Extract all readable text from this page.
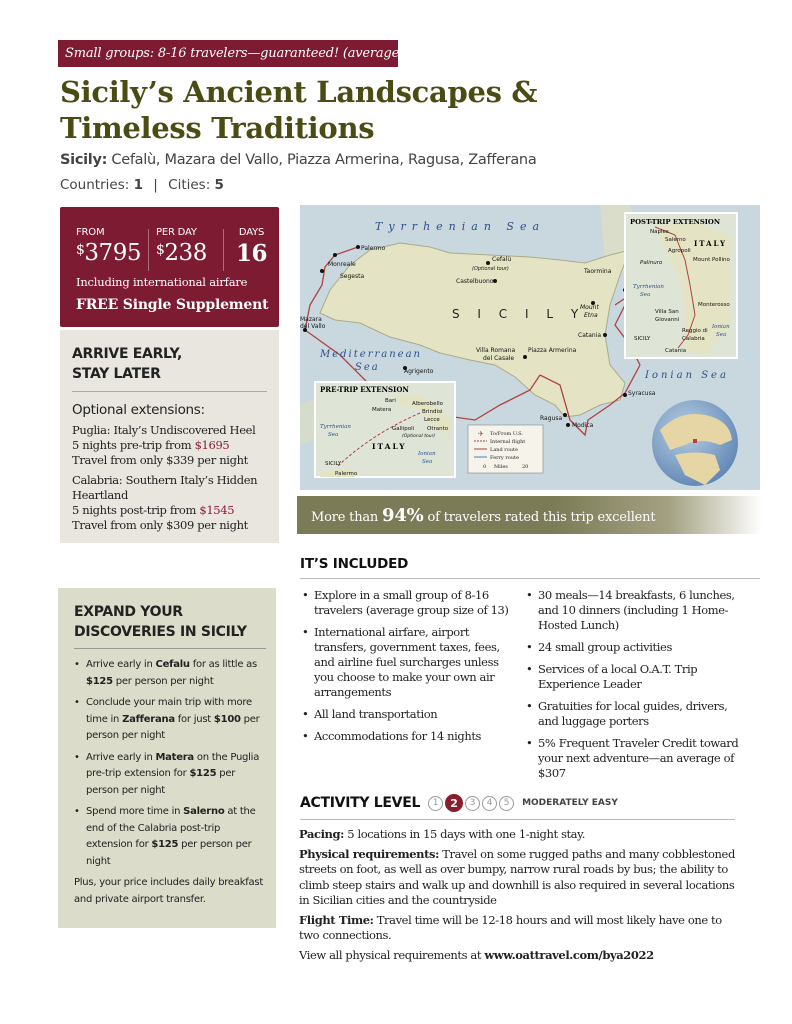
Small groups: 8-16 travelers—guaranteed! (average of 13)
Sicily’s Ancient Landscapes &
Timeless Traditions
Sicily: Cefalù, Mazara del Vallo, Piazza Armerina, Ragusa, Zafferana
Countries: 1 | Cities: 5
FROM
$3795
PER DAY
$238
DAYS
16
Including international airfare
FREE Single Supplement
ARRIVE EARLY,
STAY LATER
Optional extensions:
Puglia: Italy’s Undiscovered Heel
5 nights pre-trip from $1695
Travel from only $339 per night
Calabria: Southern Italy’s Hidden Heartland
5 nights post-trip from $1545
Travel from only $309 per night
EXPAND YOUR
DISCOVERIES IN SICILY
• Arrive early in Cefalu for as little as $125 per person per night
• Conclude your main trip with more time in Zafferana for just $100 per person per night
• Arrive early in Matera on the Puglia pre-trip extension for $125 per person per night
• Spend more time in Salerno at the end of the Calabria post-trip extension for $125 per person per night
Plus, your price includes daily breakfast and private airport transfer.
Tyrrhenian Sea
Mediterranean
Sea
Ionian Sea
S I C I L Y
Palermo
Monreale
Segesta
Cefalù
(Optional tour)
Castelbuono
Taormina
Mount
Etna
Catania
Mazara
del Vallo
Agrigento
Villa Romana
del Casale
Piazza Armerina
Ragusa
Modica
Syracusa
PRE-TRIP EXTENSION
Bari
Matera
Alberobello
Brindisi
Lecce
Gallipoli Otranto
(Optional tour)
SICILY
Palermo
ITALY
Tyrrhenian
Sea
Ionian
Sea
POST-TRIP EXTENSION
Naples
Salerno
Agropoli
Palinuro	Mount Pollino
Monterosso
Villa San
Giovanni
Reggio di
Calabria
SICILY
Catania
ITALY
Tyrrhenian
Sea
Ionian
Sea
To/From U.S.
Internal flight
Land route
Ferry route
0 Miles	20
✈
More than 94% of travelers rated this trip excellent
IT’S INCLUDED
• Explore in a small group of 8-16 travelers (average group size of 13)
• International airfare, airport transfers, government taxes, fees, and airline fuel surcharges unless you choose to make your own air arrangements
• All land transportation
• Accommodations for 14 nights
• 30 meals—14 breakfasts, 6 lunches, and 10 dinners (including 1 Home-Hosted Lunch)
• 24 small group activities
• Services of a local O.A.T. Trip Experience Leader
• Gratuities for local guides, drivers, and luggage porters
• 5% Frequent Traveler Credit toward your next adventure—an average of $307
ACTIVITY LEVEL	1	2	3	4	5	MODERATELY EASY

Pacing: 5 locations in 15 days with one 1-night stay.

Physical requirements: Travel on some rugged paths and many cobblestoned streets on foot, as well as over bumpy, narrow rural roads by bus; the ability to climb steep stairs and walk up and downhill is also required in several locations in Sicilian cities and the countryside

Flight Time: Travel time will be 12-18 hours and will most likely have one to two connections.

View all physical requirements at www.oattravel.com/bya2022
